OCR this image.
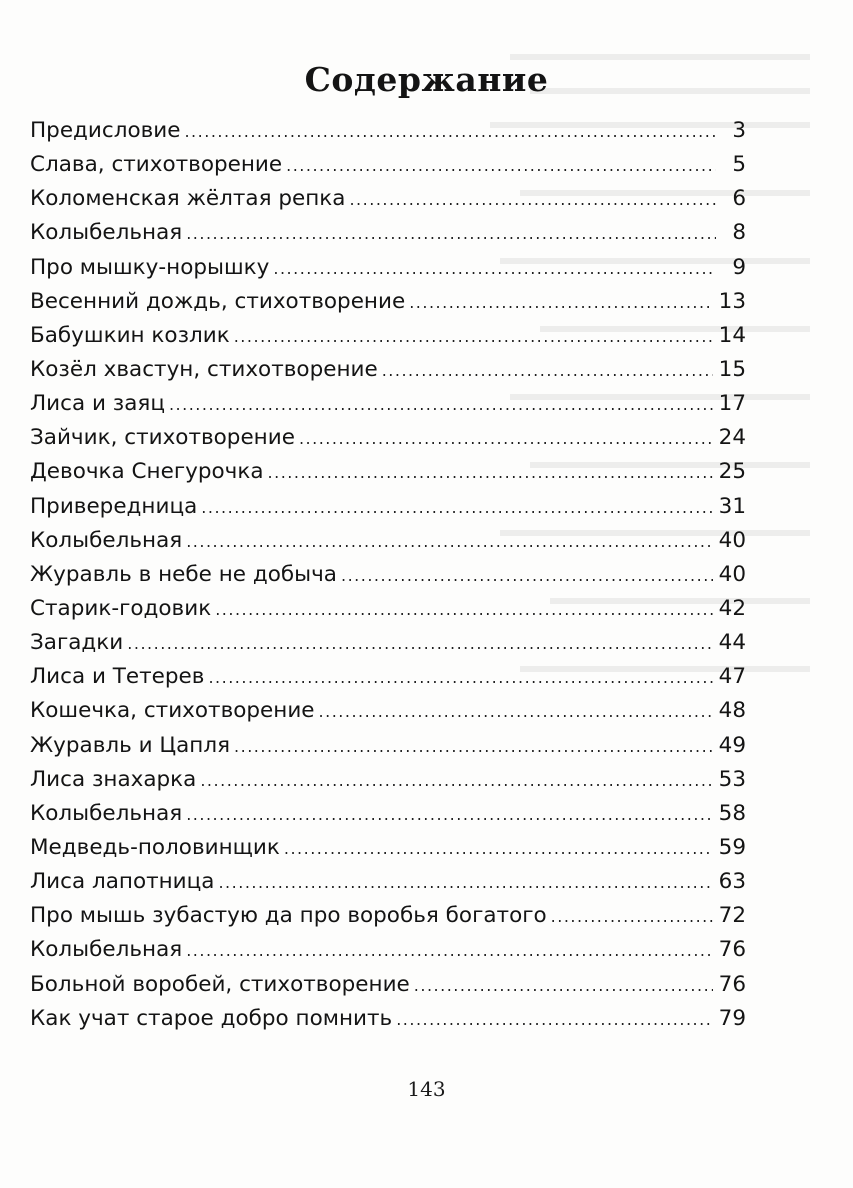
Содержание
Предисловие .....	3
Слава, стихотворение .....	5
Коломенская жёлтая репка .....	6
Колыбельная .....	8
Про мышку-норышку .....	9
Весенний дождь, стихотворение .....	13
Бабушкин козлик .....	14
Козёл хвастун, стихотворение .....	15
Лиса и заяц .....	17
Зайчик, стихотворение .....	24
Девочка Снегурочка .....	25
Привередница .....	31
Колыбельная .....	40
Журавль в небе не добыча .....	40
Старик-годовик .....	42
Загадки .....	44
Лиса и Тетерев .....	47
Кошечка, стихотворение .....	48
Журавль и Цапля .....	49
Лиса знахарка .....	53
Колыбельная .....	58
Медведь-половинщик .....	59
Лиса лапотница .....	63
Про мышь зубастую да про воробья богатого .....	72
Колыбельная .....	76
Больной воробей, стихотворение .....	76
Как учат старое добро помнить .....	79
143
